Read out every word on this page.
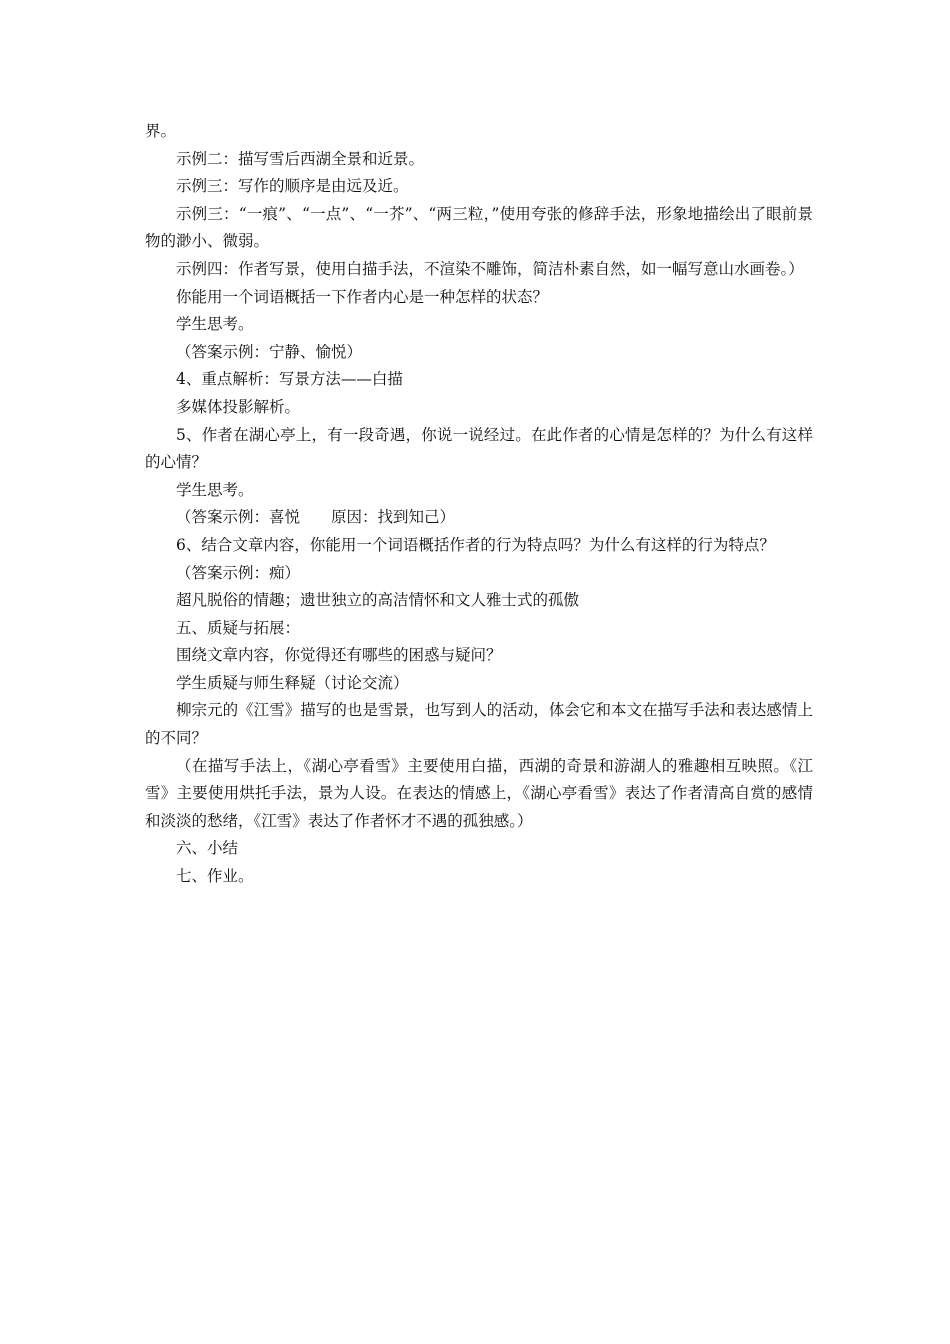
界。

示例二：描写雪后西湖全景和近景。

示例三：写作的顺序是由远及近。

示例三：“一痕”、“一点”、“一芥”、“两三粒，”使用夸张的修辞手法，形象地描绘出了眼前景物的渺小、微弱。

示例四：作者写景，使用白描手法，不渲染不雕饰，简洁朴素自然，如一幅写意山水画卷。）

你能用一个词语概括一下作者内心是一种怎样的状态？

学生思考。

（答案示例：宁静、愉悦）

4、重点解析：写景方法——白描

多媒体投影解析。

5、作者在湖心亭上，有一段奇遇，你说一说经过。在此作者的心情是怎样的？为什么有这样的心情？

学生思考。

（答案示例：喜悦　　原因：找到知己）

6、结合文章内容，你能用一个词语概括作者的行为特点吗？为什么有这样的行为特点？

（答案示例：痴）

超凡脱俗的情趣；遗世独立的高洁情怀和文人雅士式的孤傲

五、质疑与拓展：

围绕文章内容，你觉得还有哪些的困惑与疑问？

学生质疑与师生释疑（讨论交流）

柳宗元的《江雪》描写的也是雪景，也写到人的活动，体会它和本文在描写手法和表达感情上的不同？

（在描写手法上，《湖心亭看雪》主要使用白描，西湖的奇景和游湖人的雅趣相互映照。《江雪》主要使用烘托手法，景为人设。在表达的情感上，《湖心亭看雪》表达了作者清高自赏的感情和淡淡的愁绪，《江雪》表达了作者怀才不遇的孤独感。）

六、小结

七、作业。
